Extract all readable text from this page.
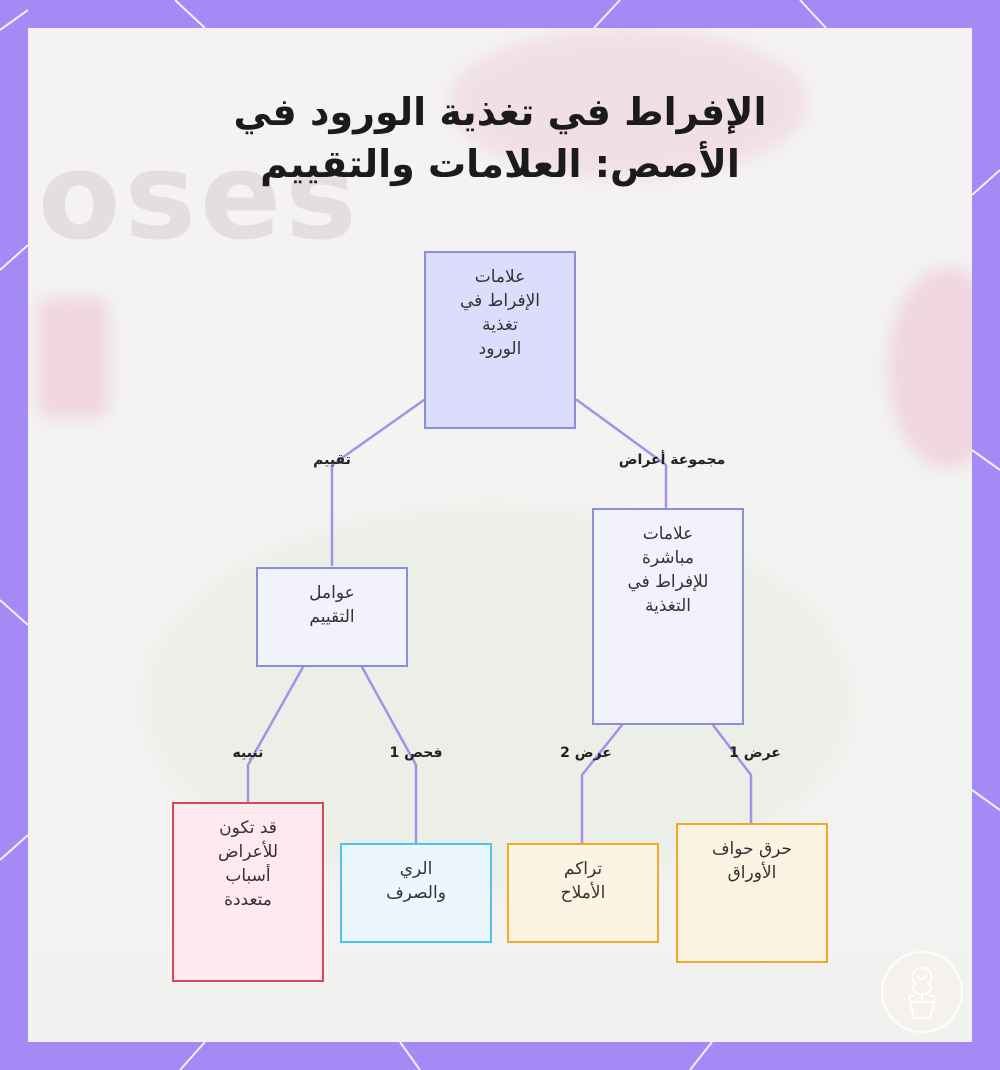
oses
الإفراط في تغذية الورود في
الأصص: العلامات والتقييم
علامات
الإفراط في
تغذية
الورود
علامات
مباشرة
للإفراط في
التغذية
عوامل
التقييم
حرق حواف
الأوراق
تراكم
الأملاح
الري
والصرف
قد تكون
للأعراض
أسباب
متعددة
مجموعة أعراض
تقييم
عرض 1
عرض 2
فحص 1
تنبيه
